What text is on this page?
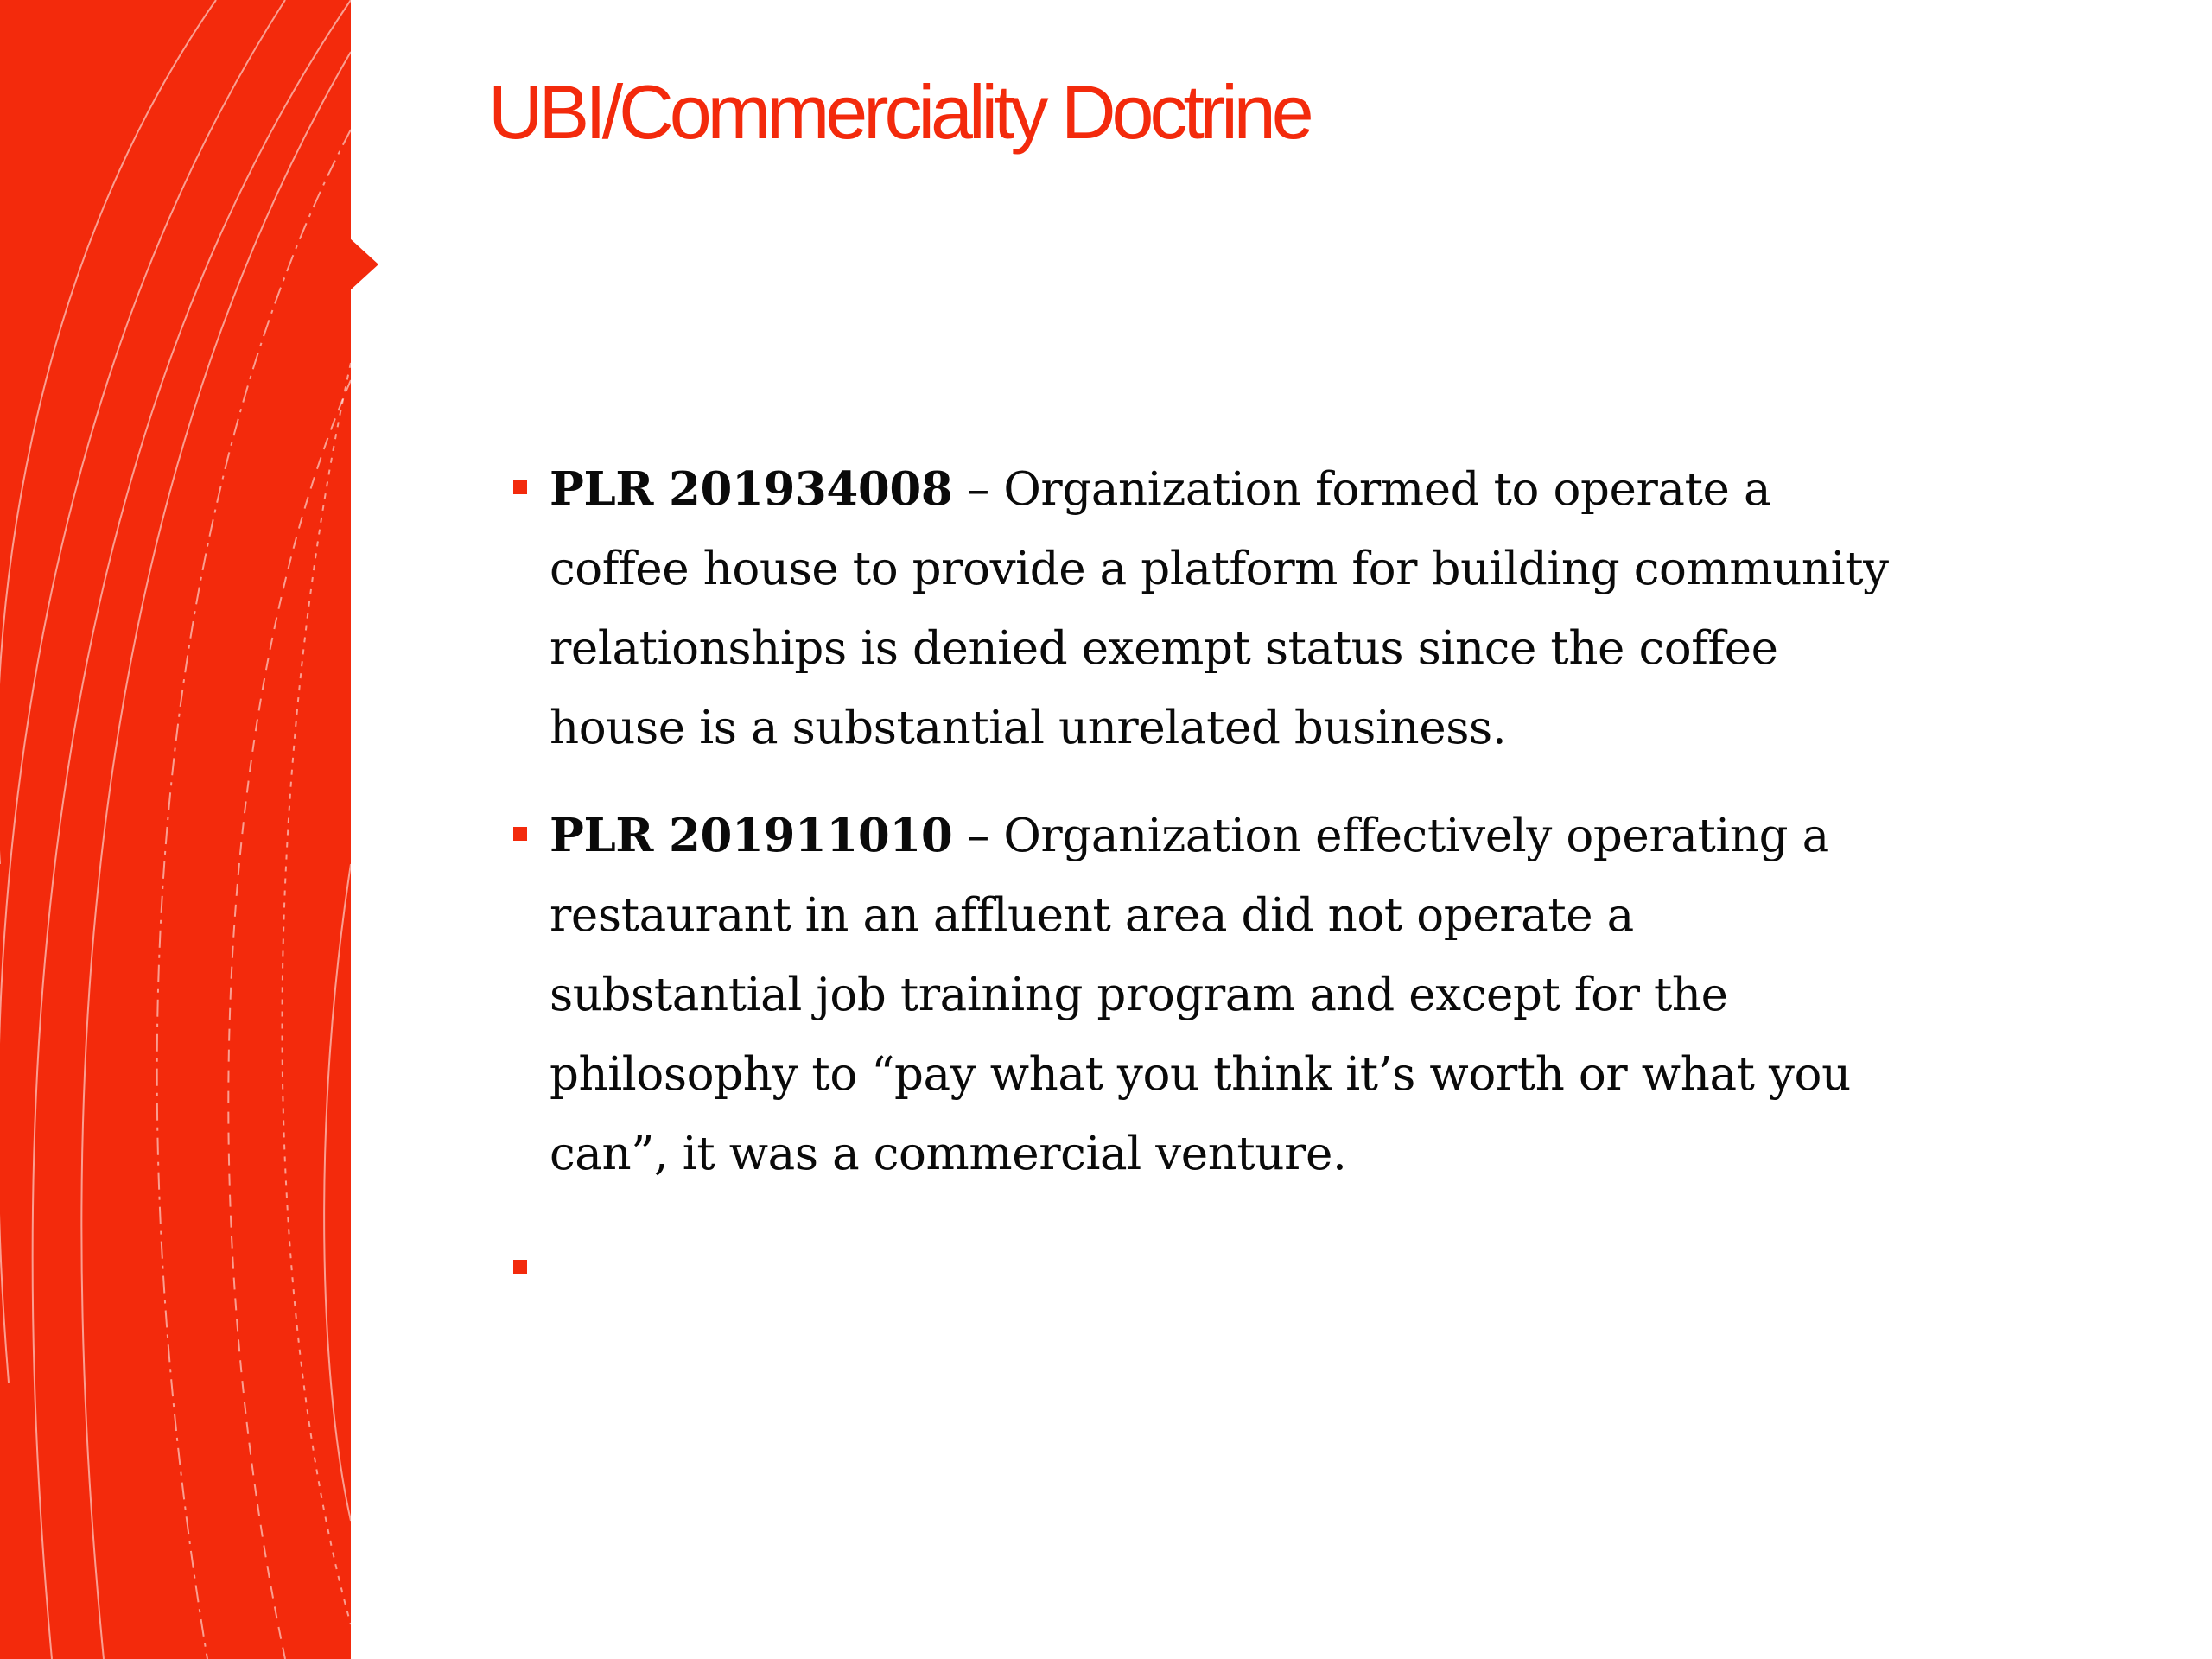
UBI/Commerciality Doctrine
PLR 201934008 – Organization formed to operate a coffee house to provide a platform for building community relationships is denied exempt status since the coffee house is a substantial unrelated business.
PLR 201911010 – Organization effectively operating a restaurant in an affluent area did not operate a substantial job training program and except for the philosophy to “pay what you think it’s worth or what you can”, it was a commercial venture.
